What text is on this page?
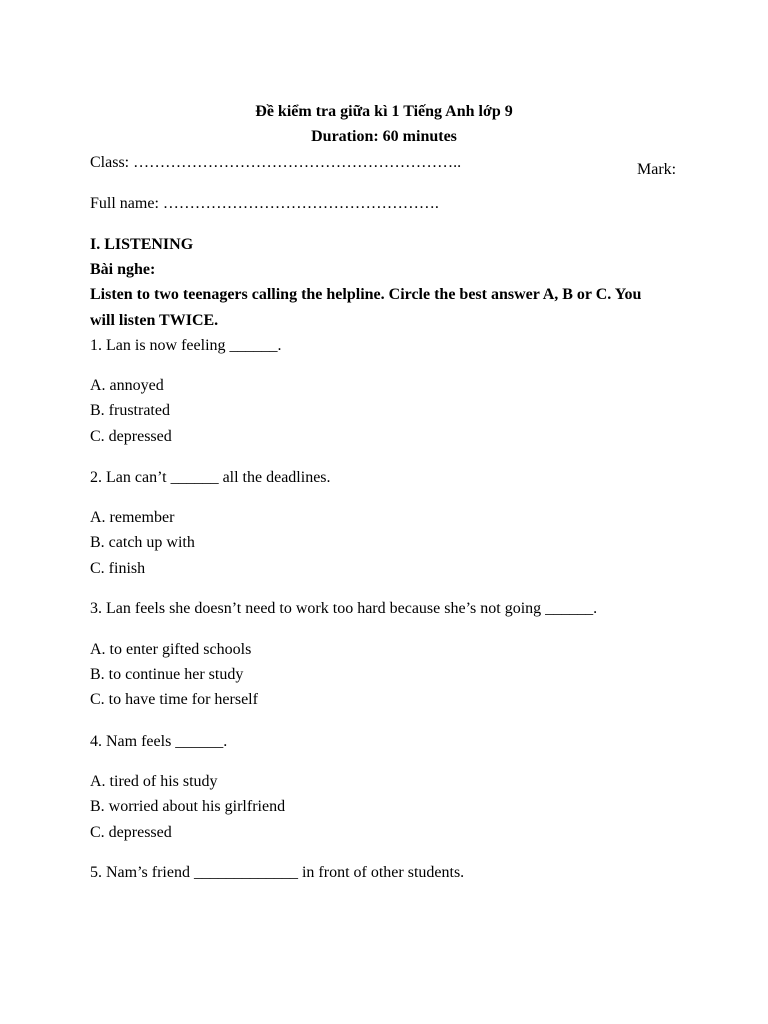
Đề kiểm tra giữa kì 1 Tiếng Anh lớp 9
Duration: 60 minutes
Class: ……………………………………………………..	Mark:
Full name: …………………………………………….
I. LISTENING
Bài nghe:
Listen to two teenagers calling the helpline. Circle the best answer A, B or C. You
will listen TWICE.
1. Lan is now feeling ______.
A. annoyed
B. frustrated
C. depressed
2. Lan can’t ______ all the deadlines.
A. remember
B. catch up with
C. finish
3. Lan feels she doesn’t need to work too hard because she’s not going ______.
A. to enter gifted schools
B. to continue her study
C. to have time for herself
4. Nam feels ______.
A. tired of his study
B. worried about his girlfriend
C. depressed
5. Nam’s friend _____________ in front of other students.
